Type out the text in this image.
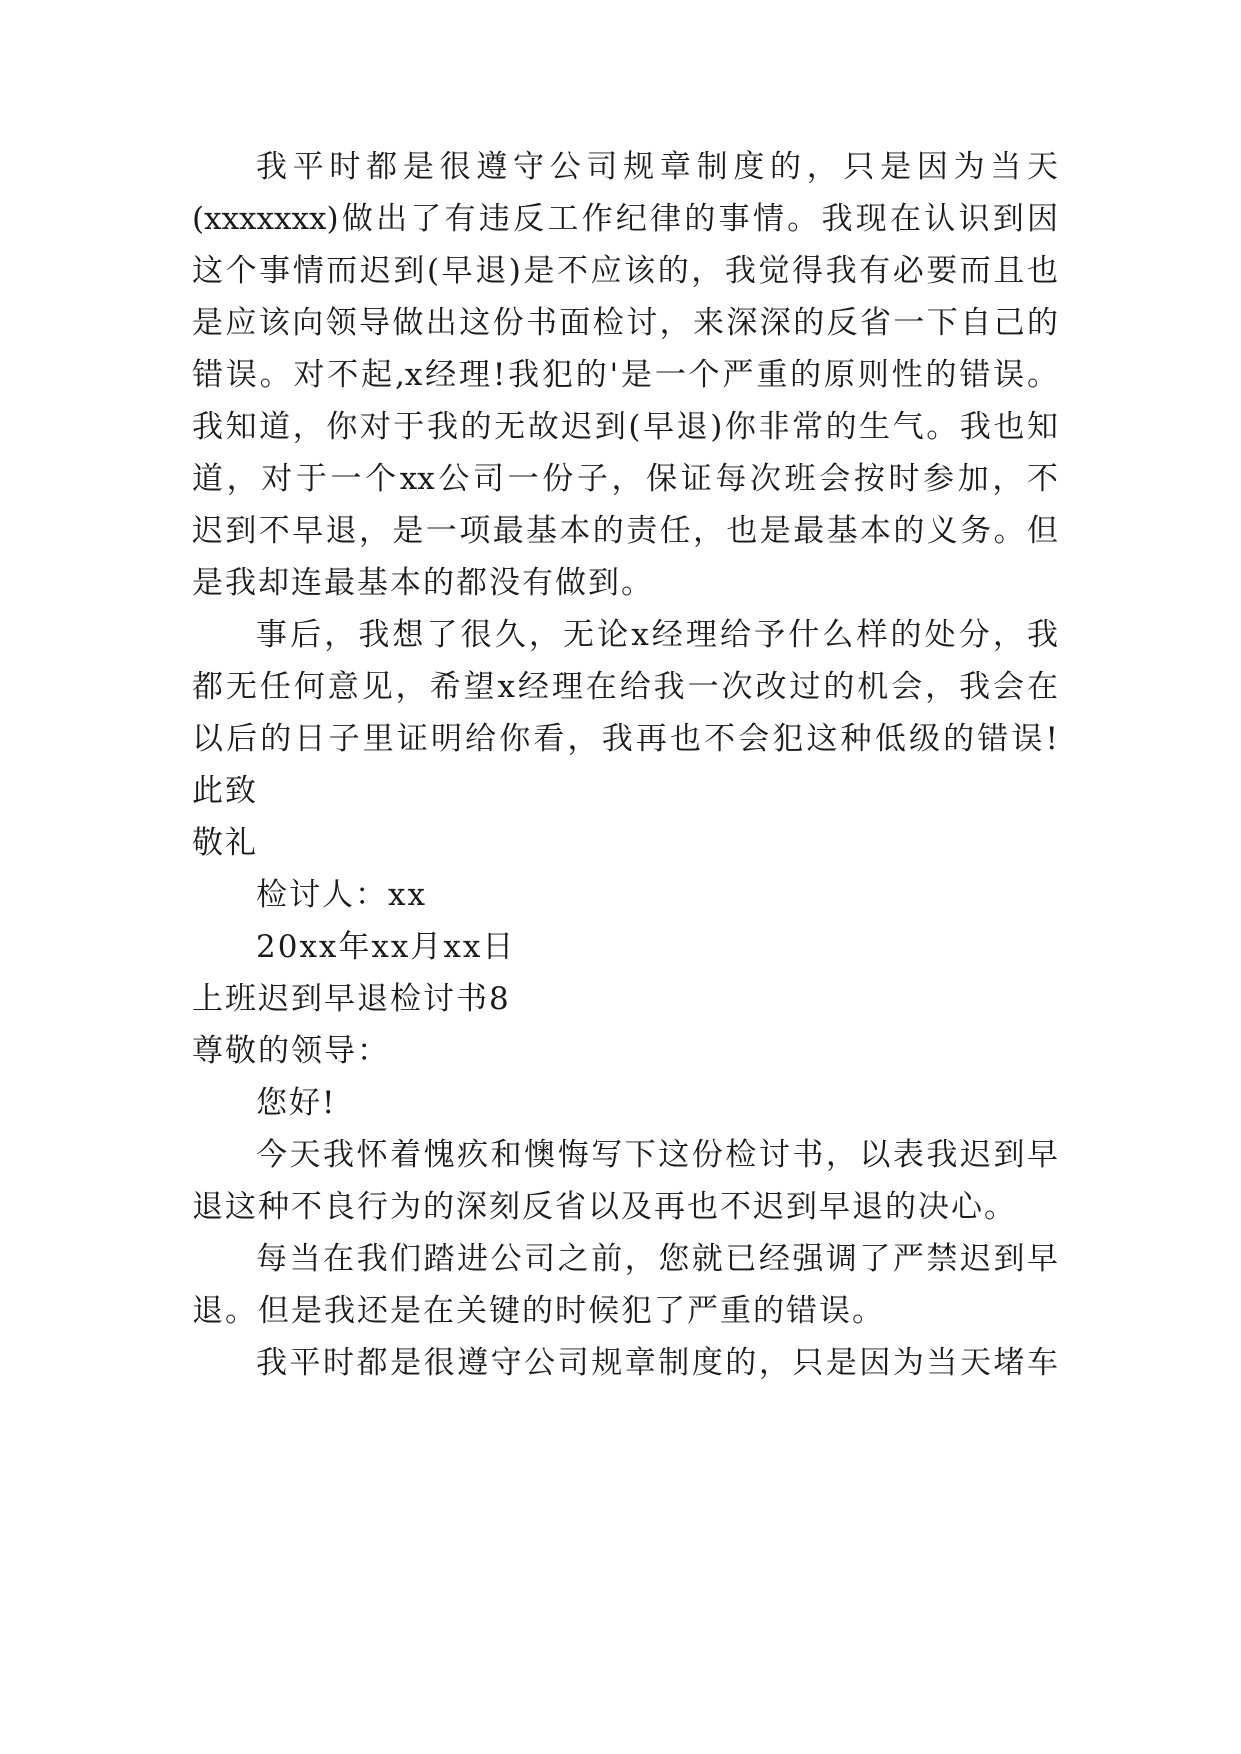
我平时都是很遵守公司规章制度的，只是因为当天
(xxxxxxx)做出了有违反工作纪律的事情。我现在认识到因
这个事情而迟到(早退)是不应该的，我觉得我有必要而且也
是应该向领导做出这份书面检讨，来深深的反省一下自己的
错误。对不起,x经理!我犯的'是一个严重的原则性的错误。
我知道，你对于我的无故迟到(早退)你非常的生气。我也知
道，对于一个xx公司一份子，保证每次班会按时参加，不
迟到不早退，是一项最基本的责任，也是最基本的义务。但
是我却连最基本的都没有做到。
事后，我想了很久，无论x经理给予什么样的处分，我
都无任何意见，希望x经理在给我一次改过的机会，我会在
以后的日子里证明给你看，我再也不会犯这种低级的错误!
此致
敬礼
检讨人：xx
20xx年xx月xx日
上班迟到早退检讨书8
尊敬的领导：
您好!
今天我怀着愧疚和懊悔写下这份检讨书，以表我迟到早
退这种不良行为的深刻反省以及再也不迟到早退的决心。
每当在我们踏进公司之前，您就已经强调了严禁迟到早
退。但是我还是在关键的时候犯了严重的错误。
我平时都是很遵守公司规章制度的，只是因为当天堵车
